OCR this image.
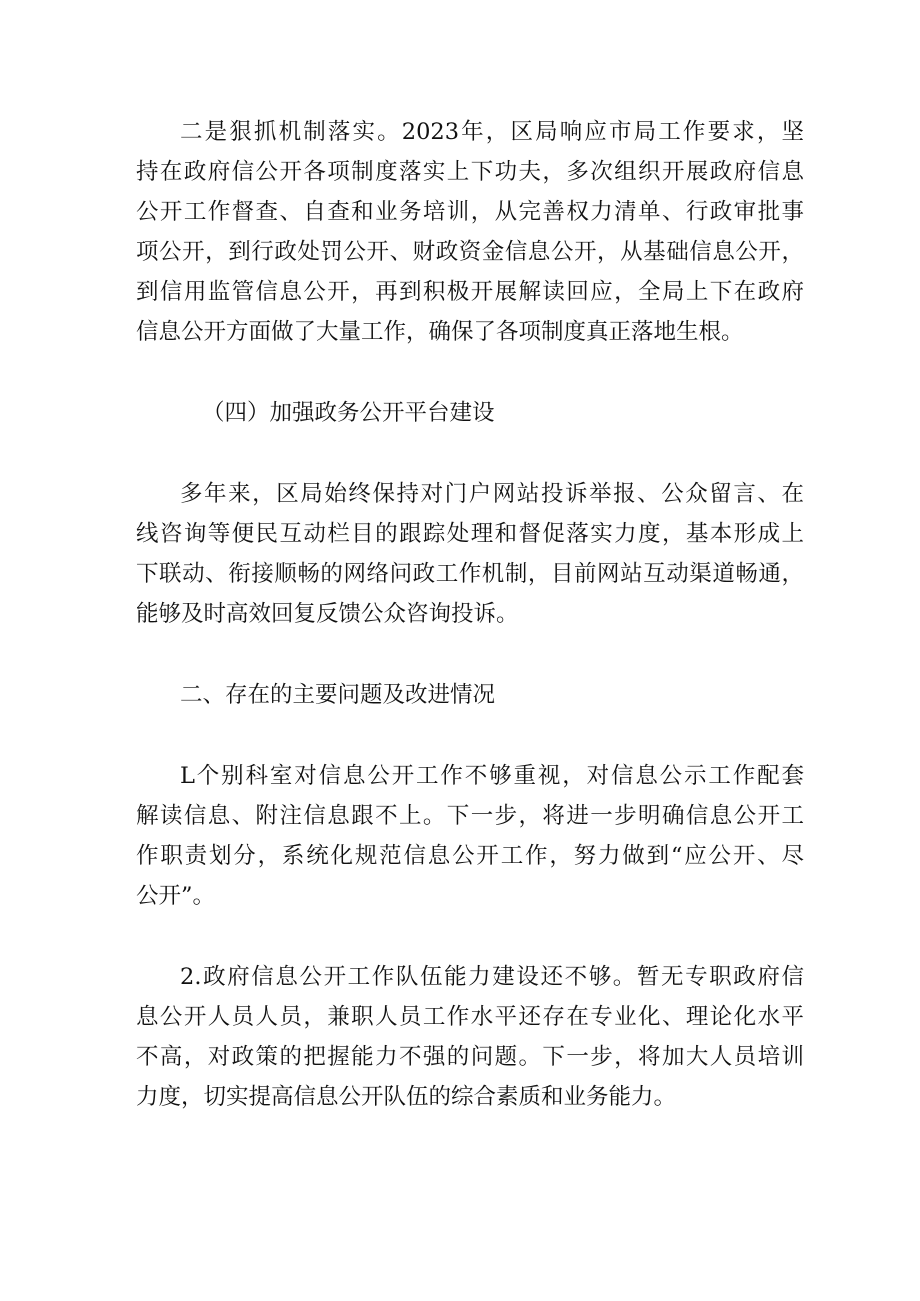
二是狠抓机制落实。2023年，区局响应市局工作要求，坚
持在政府信公开各项制度落实上下功夫，多次组织开展政府信息
公开工作督查、自查和业务培训，从完善权力清单、行政审批事
项公开，到行政处罚公开、财政资金信息公开，从基础信息公开，
到信用监管信息公开，再到积极开展解读回应，全局上下在政府
信息公开方面做了大量工作，确保了各项制度真正落地生根。
（四）加强政务公开平台建设
多年来，区局始终保持对门户网站投诉举报、公众留言、在
线咨询等便民互动栏目的跟踪处理和督促落实力度，基本形成上
下联动、衔接顺畅的网络问政工作机制，目前网站互动渠道畅通，
能够及时高效回复反馈公众咨询投诉。
二、存在的主要问题及改进情况
L个别科室对信息公开工作不够重视，对信息公示工作配套
解读信息、附注信息跟不上。下一步，将进一步明确信息公开工
作职责划分，系统化规范信息公开工作，努力做到“应公开、尽
公开”。
2.政府信息公开工作队伍能力建设还不够。暂无专职政府信
息公开人员人员，兼职人员工作水平还存在专业化、理论化水平
不高，对政策的把握能力不强的问题。下一步，将加大人员培训
力度，切实提高信息公开队伍的综合素质和业务能力。
